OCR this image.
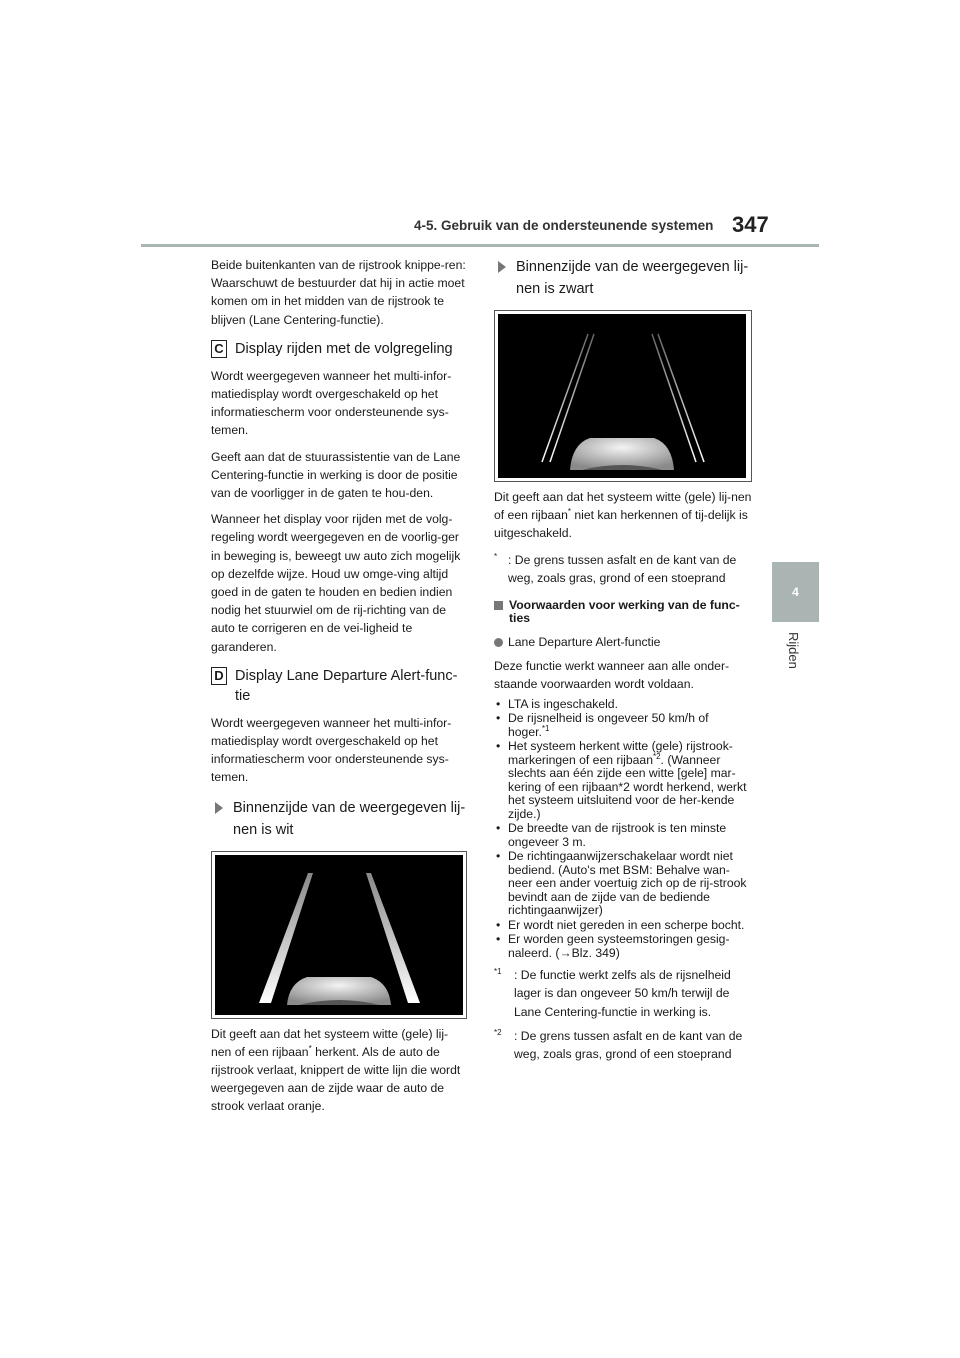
4-5. Gebruik van de ondersteunende systemen 347
4
Rijden

Beide buitenkanten van de rijstrook knippe-ren: Waarschuwt de bestuurder dat hij in actie moet komen om in het midden van de rijstrook te blijven (Lane Centering-functie).

C Display rijden met de volgregeling

Wordt weergegeven wanneer het multi-infor-matiedisplay wordt overgeschakeld op het informatiescherm voor ondersteunende sys-temen.

Geeft aan dat de stuurassistentie van de Lane Centering-functie in werking is door de positie van de voorligger in de gaten te hou-den.

Wanneer het display voor rijden met de volg-regeling wordt weergegeven en de voorlig-ger in beweging is, beweegt uw auto zich mogelijk op dezelfde wijze. Houd uw omge-ving altijd goed in de gaten te houden en bedien indien nodig het stuurwiel om de rij-richting van de auto te corrigeren en de vei-ligheid te garanderen.

D Display Lane Departure Alert-func-tie

Wordt weergegeven wanneer het multi-infor-matiedisplay wordt overgeschakeld op het informatiescherm voor ondersteunende sys-temen.

Binnenzijde van de weergegeven lij-nen is wit

Dit geeft aan dat het systeem witte (gele) lij-nen of een rijbaan* herkent. Als de auto de rijstrook verlaat, knippert de witte lijn die wordt weergegeven aan de zijde waar de auto de strook verlaat oranje.

Binnenzijde van de weergegeven lij-nen is zwart

Dit geeft aan dat het systeem witte (gele) lij-nen of een rijbaan* niet kan herkennen of tij-delijk is uitgeschakeld.

* : De grens tussen asfalt en de kant van de weg, zoals gras, grond of een stoeprand
Voorwaarden voor werking van de func-ties
Lane Departure Alert-functie

Deze functie werkt wanneer aan alle onder-staande voorwaarden wordt voldaan.

• LTA is ingeschakeld.
• De rijsnelheid is ongeveer 50 km/h of hoger.$^{*1}$
• Het systeem herkent witte (gele) rijstrook-markeringen of een rijbaan$^{*2}$. (Wanneer slechts aan één zijde een witte [gele] mar-kering of een rijbaan*2 wordt herkend, werkt het systeem uitsluitend voor de her-kende zijde.)
• De breedte van de rijstrook is ten minste ongeveer 3 m.
• De richtingaanwijzerschakelaar wordt niet bediend. (Auto's met BSM: Behalve wan-neer een ander voertuig zich op de rij-strook bevindt aan de zijde van de bediende richtingaanwijzer)
• Er wordt niet gereden in een scherpe bocht.
• Er worden geen systeemstoringen gesig-naleerd. (→Blz. 349)
$^{*1}$	: De functie werkt zelfs als de rijsnelheid lager is dan ongeveer 50 km/h terwijl de Lane Centering-functie in werking is.
$^{*2}$	: De grens tussen asfalt en de kant van de weg, zoals gras, grond of een stoeprand
